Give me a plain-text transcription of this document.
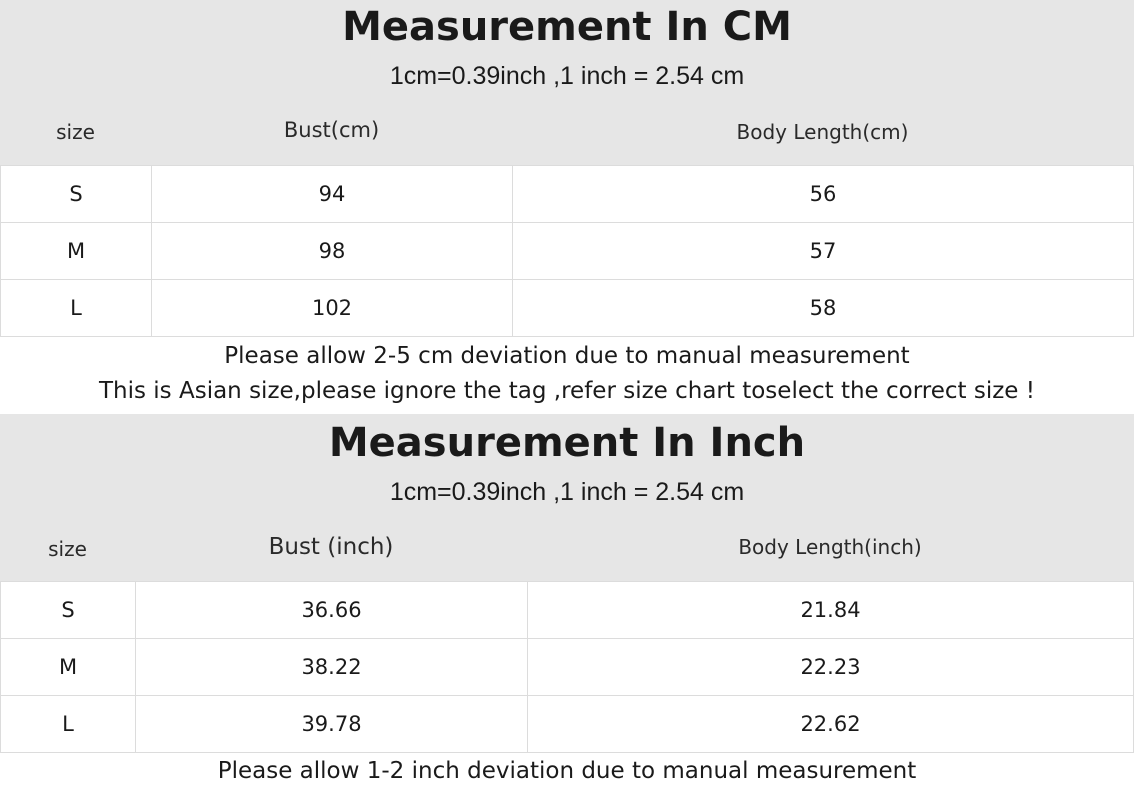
Measurement In CM
1cm=0.39inch ,1 inch = 2.54 cm
size	Bust(cm)	Body Length(cm)
S	94	56
M	98	57
L	102	58
Please allow 2-5 cm deviation due to manual measurement
This is Asian size,please ignore the tag ,refer size chart toselect the correct size !
Measurement In Inch
1cm=0.39inch ,1 inch = 2.54 cm
size	Bust (inch)	Body Length(inch)
S	36.66	21.84
M	38.22	22.23
L	39.78	22.62
Please allow 1-2 inch deviation due to manual measurement
